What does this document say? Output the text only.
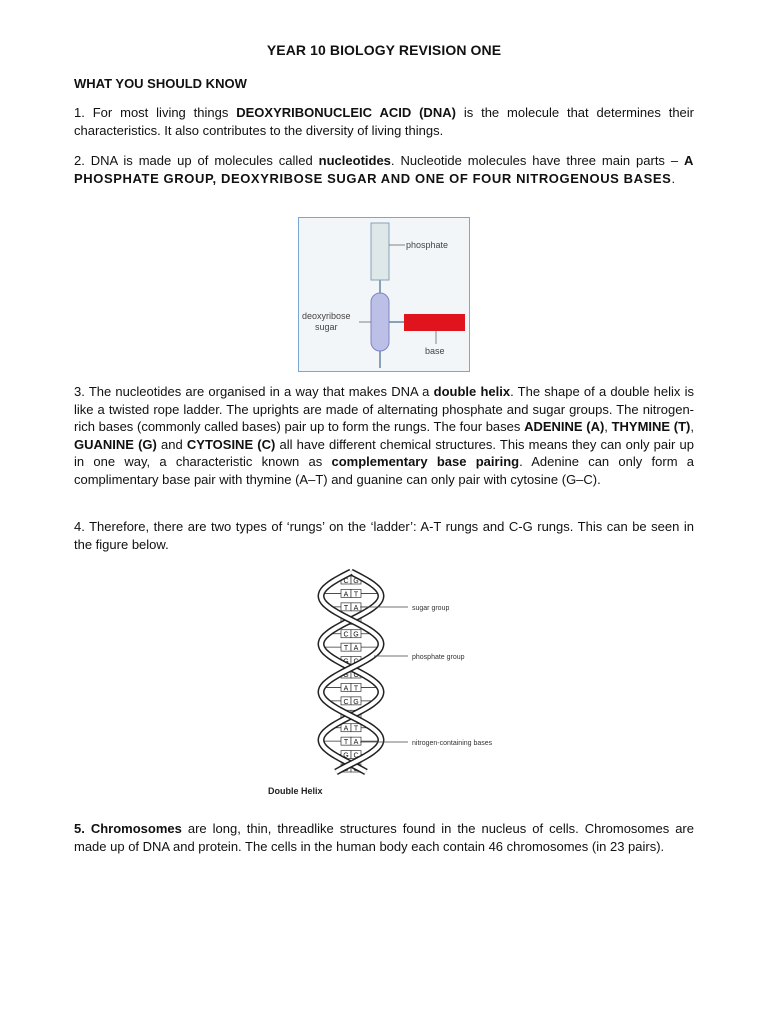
YEAR 10 BIOLOGY REVISION ONE
WHAT YOU SHOULD KNOW
1. For most living things DEOXYRIBONUCLEIC ACID (DNA) is the molecule that determines their characteristics. It also contributes to the diversity of living things.
2. DNA is made up of molecules called nucleotides. Nucleotide molecules have three main parts – A PHOSPHATE GROUP, DEOXYRIBOSE SUGAR AND ONE OF FOUR NITROGENOUS BASES.
phosphate
deoxyribose
sugar
base
3. The nucleotides are organised in a way that makes DNA a double helix. The shape of a double helix is like a twisted rope ladder. The uprights are made of alternating phosphate and sugar groups. The nitrogen-rich bases (commonly called bases) pair up to form the rungs. The four bases ADENINE (A), THYMINE (T), GUANINE (G) and CYTOSINE (C) all have different chemical structures. This means they can only pair up in one way, a characteristic known as complementary base pairing. Adenine can only form a complimentary base pair with thymine (A–T) and guanine can only pair with cytosine (G–C).
4. Therefore, there are two types of ‘rungs’ on the ‘ladder’: A-T rungs and C-G rungs. This can be seen in the figure below.
C G
A T
T A
C G
C G
T A
G C
G C
A T
C G
T A
A T
T A
G C
C G
sugar group
phosphate group
nitrogen-containing bases
Double Helix
5. Chromosomes are long, thin, threadlike structures found in the nucleus of cells. Chromosomes are made up of DNA and protein. The cells in the human body each contain 46 chromosomes (in 23 pairs).
